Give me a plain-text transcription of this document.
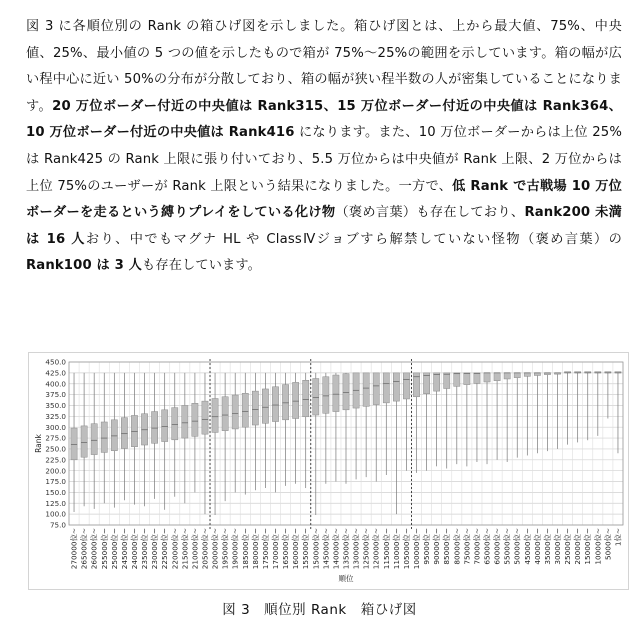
図 3 に各順位別の Rank の箱ひげ図を示しました。箱ひげ図とは、上から最大値、75%、中央値、25%、最小値の 5 つの値を示したもので箱が 75%～25%の範囲を示しています。箱の幅が広い程中心に近い 50%の分布が分散しており、箱の幅が狭い程半数の人が密集していることになります。20 万位ボーダー付近の中央値は Rank315、15 万位ボーダー付近の中央値は Rank364、10 万位ボーダー付近の中央値は Rank416 になります。また、10 万位ボーダーからは上位 25%は Rank425 の Rank 上限に張り付いており、5.5 万位からは中央値が Rank 上限、2 万位からは上位 75%のユーザーが Rank 上限という結果になりました。一方で、低 Rank で古戦場 10 万位ボーダーを走るという縛りプレイをしている化け物（褒め言葉）も存在しており、Rank200 未満は 16 人おり、中でもマグナ HL や ClassⅣジョブすら解禁していない怪物（褒め言葉）の Rank100 は 3 人も存在しています。

75.0
100.0
125.0
150.0
175.0
200.0
225.0
250.0
275.0
300.0
325.0
350.0
375.0
400.0
425.0
450.0
270000位~ 265000位~ 260000位~ 255000位~ 250000位~ 245000位~ 240000位~ 235000位~ 230000位~ 225000位~ 220000位~ 215000位~ 210000位~ 205000位~ 200000位~ 195000位~ 190000位~ 185000位~ 180000位~ 175000位~ 170000位~ 165000位~ 160000位~ 155000位~ 150000位~ 145000位~ 140000位~ 135000位~ 130000位~ 125000位~ 120000位~ 115000位~ 110000位~ 105000位~ 100000位~ 95000位~ 90000位~ 85000位~ 80000位~ 75000位~ 70000位~ 65000位~ 60000位~ 55000位~ 50000位~ 45000位~ 40000位~ 35000位~ 30000位~ 25000位~ 20000位~ 15000位~ 10000位~ 5000位~ 1位~
Rank
順位
図 3　順位別 Rank　箱ひげ図
